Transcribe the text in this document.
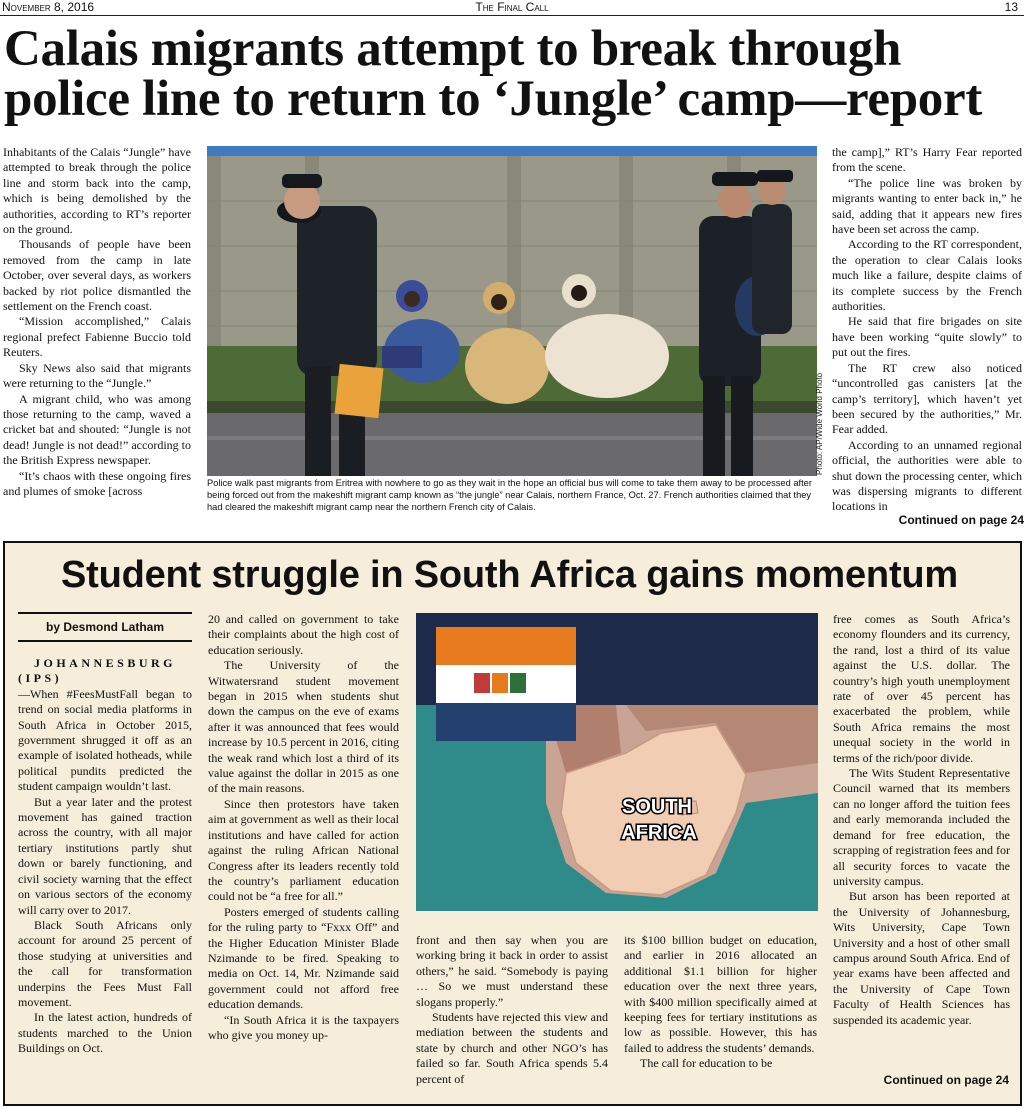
November 8, 2016	The Final Call	13
Calais migrants attempt to break through police line to return to ‘Jungle’ camp—report

Inhabitants of the Calais “Jungle” have attempted to break through the police line and storm back into the camp, which is being demolished by the authorities, according to RT’s reporter on the ground.

Thousands of people have been removed from the camp in late October, over several days, as workers backed by riot police dismantled the settlement on the French coast.

“Mission accomplished,” Calais regional prefect Fabienne Buccio told Reuters.

Sky News also said that migrants were returning to the “Jungle.”

A migrant child, who was among those returning to the camp, waved a cricket bat and shouted: “Jungle is not dead! Jungle is not dead!” according to the British Express newspaper.

“It’s chaos with these ongoing fires and plumes of smoke [across

Photo: AP/Wide World Photo
Police walk past migrants from Eritrea with nowhere to go as they wait in the hope an official bus will come to take them away to be processed after being forced out from the makeshift migrant camp known as “the jungle” near Calais, northern France, Oct. 27. French authorities claimed that they had cleared the makeshift migrant camp near the northern French city of Calais.

the camp],” RT’s Harry Fear reported from the scene.

“The police line was broken by migrants wanting to enter back in,” he said, adding that it appears new fires have been set across the camp.

According to the RT correspondent, the operation to clear Calais looks much like a failure, despite claims of its complete success by the French authorities.

He said that fire brigades on site have been working “quite slowly” to put out the fires.

The RT crew also noticed “uncontrolled gas canisters [at the camp’s territory], which haven’t yet been secured by the authorities,” Mr. Fear added.

According to an unnamed regional official, the authorities were able to shut down the processing center, which was dispersing migrants to different locations in

Continued on page 24
Student struggle in South Africa gains momentum
by Desmond Latham

JOHANNESBURG (IPS)—When #FeesMustFall began to trend on social media platforms in South Africa in October 2015, government shrugged it off as an example of isolated hotheads, while political pundits predicted the student campaign wouldn’t last.

But a year later and the protest movement has gained traction across the country, with all major tertiary institutions partly shut down or barely functioning, and civil society warning that the effect on various sectors of the economy will carry over to 2017.

Black South Africans only account for around 25 percent of those studying at universities and the call for transformation underpins the Fees Must Fall movement.

In the latest action, hundreds of students marched to the Union Buildings on Oct.

20 and called on government to take their complaints about the high cost of education seriously.

The University of the Witwatersrand student movement began in 2015 when students shut down the campus on the eve of exams after it was announced that fees would increase by 10.5 percent in 2016, citing the weak rand which lost a third of its value against the dollar in 2015 as one of the main reasons.

Since then protestors have taken aim at government as well as their local institutions and have called for action against the ruling African National Congress after its leaders recently told the country’s parliament education could not be “a free for all.”

Posters emerged of students calling for the ruling party to “Fxxx Off” and the Higher Education Minister Blade Nzimande to be fired. Speaking to media on Oct. 14, Mr. Nzimande said government could not afford free education demands.

“In South Africa it is the taxpayers who give you money up-

SOUTH
AFRICA

front and then say when you are working bring it back in order to assist others,” he said. “Somebody is paying … So we must understand these slogans properly.”

Students have rejected this view and mediation between the students and state by church and other NGO’s has failed so far. South Africa spends 5.4 percent of

its $100 billion budget on education, and earlier in 2016 allocated an additional $1.1 billion for higher education over the next three years, with $400 million specifically aimed at keeping fees for tertiary institutions as low as possible. However, this has failed to address the students’ demands.

The call for education to be

free comes as South Africa’s economy flounders and its currency, the rand, lost a third of its value against the U.S. dollar. The country’s high youth unemployment rate of over 45 percent has exacerbated the problem, while South Africa remains the most unequal society in the world in terms of the rich/poor divide.

The Wits Student Representative Council warned that its members can no longer afford the tuition fees and early memoranda included the demand for free education, the scrapping of registration fees and for all security forces to vacate the university campus.

But arson has been reported at the University of Johannesburg, Wits University, Cape Town University and a host of other small campus around South Africa. End of year exams have been affected and the University of Cape Town Faculty of Health Sciences has suspended its academic year.

Continued on page 24
